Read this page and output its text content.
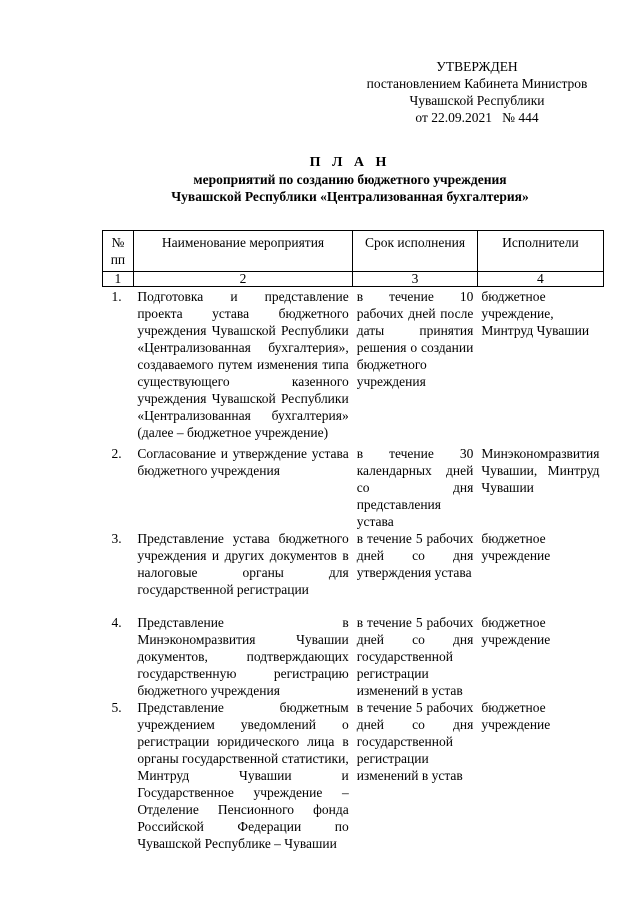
УТВЕРЖДЕН
постановлением Кабинета Министров
Чувашской Республики
от 22.09.2021   № 444
П Л А Н
мероприятий по созданию бюджетного учреждения
Чувашской Республики «Централизованная бухгалтерия»
№ пп	Наименование мероприятия	Срок исполнения	Исполнители
1	2	3	4
1.	Подготовка и представление проекта устава бюджетного учреждения Чувашской Республики «Централизованная бухгалтерия», создаваемого путем изменения типа существующего казенного учреждения Чувашской Республики «Централизованная бухгалтерия» (далее – бюджетное учреждение)	в течение 10 рабочих дней после даты принятия решения о создании бюджетного учреждения	бюджетное учреждение, Минтруд Чувашии
2.	Согласование и утверждение устава бюджетного учреждения	в течение 30 календарных дней со дня представления устава	Минэкономразвития Чувашии, Минтруд Чувашии
3.	Представление устава бюджетного учреждения и других документов в налоговые органы для государственной регистрации	в течение 5 рабочих дней со дня утверждения устава	бюджетное учреждение
4.	Представление в Минэкономразвития Чувашии документов, подтверждающих государственную регистрацию бюджетного учреждения	в течение 5 рабочих дней со дня государственной регистрации изменений в устав	бюджетное учреждение
5.	Представление бюджетным учреждением уведомлений о регистрации юридического лица в органы государственной статистики, Минтруд Чувашии и Государственное учреждение – Отделение Пенсионного фонда Российской Федерации по Чувашской Республике – Чувашии	в течение 5 рабочих дней со дня государственной регистрации изменений в устав	бюджетное учреждение
